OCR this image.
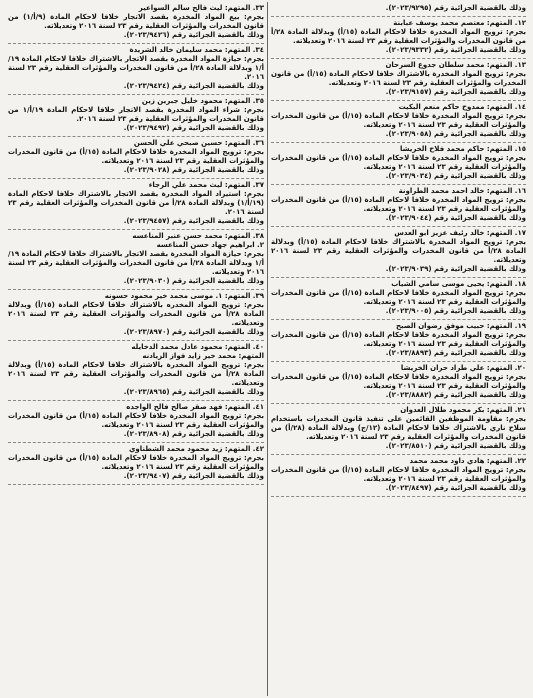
وذلك بالقضية الجزائية رقم (٢٠٢٣/٩٢٩٥).
١٢. المتهم: معتصم محمد يوسف عبابنة
بجرم: ترويج المواد المخدرة خلافا لاحكام المادة (١٥/أ) وبدلالة المادة ٢٨/أ من قانون المخدرات والمؤثرات العقلية رقم ٢٣ لسنة ٢٠١٦ وتعديلاته.
وذلك بالقضية الجزائية رقم (٢٠٢٣/٩٣٣٢).
١٣. المتهم: محمد سلطان جدوع السرحان
بجرم: ترويج المواد المخدرة بالاشتراك خلافا لاحكام المادة (١٥/أ) من قانون المخدرات والمؤثرات العقلية رقم ٢٣ لسنة ٢٠١٦ وتعديلاته.
وذلك بالقضية الجزائية رقم (٢٠٢٣/٩١٥٧).
١٤. المتهم: ممدوح حاكم منعم البكيت
بجرم: ترويج المواد المخدرة خلافا لاحكام المادة (١٥/أ) من قانون المخدرات والمؤثرات العقلية رقم ٢٣ لسنة ٢٠١٦ وتعديلاته.
وذلك بالقضية الجزائية رقم (٢٠٢٣/٩٠٥٨).
١٥. المتهم: حاكم محمد فلاح الخريشا
بجرم: ترويج المواد المخدرة خلافا لاحكام المادة (١٥/أ) من قانون المخدرات والمؤثرات العقلية رقم ٢٣ لسنة ٢٠١٦ وتعديلاته.
وذلك بالقضية الجزائية رقم (٢٠٢٣/٩٠٣٤).
١٦. المتهم: خالد احمد محمد الطراونة
بجرم: ترويج المواد المخدرة خلافا لاحكام المادة (١٥/أ) من قانون المخدرات والمؤثرات العقلية رقم ٢٣ لسنة ٢٠١٦ وتعديلاته.
وذلك بالقضية الجزائية رقم (٢٠٢٣/٩٠٤٤).
١٧. المتهم: خالد رئيف عزيز ابو العدس
بجرم: ترويج المواد المخدرة بالاشتراك خلافا لاحكام المادة (١٥/أ) وبدلالة المادة ٢٨/أ من قانون المخدرات والمؤثرات العقلية رقم ٢٣ لسنة ٢٠١٦ وتعديلاته.
وذلك بالقضية الجزائية رقم (٢٠٢٣/٩٠٣٩).
١٨. المتهم: يحيى موسى سامي الشياب
بجرم: ترويج المواد المخدرة خلافا لاحكام المادة (١٥/أ) من قانون المخدرات والمؤثرات العقلية رقم ٢٣ لسنة ٢٠١٦ وتعديلاته.
وذلك بالقضية الجزائية رقم (٢٠٢٣/٩٠٠٥).
١٩. المتهم: حبيب موفق رضوان الصبح
بجرم: ترويج المواد المخدرة خلافا لاحكام المادة (١٥/أ) من قانون المخدرات والمؤثرات العقلية رقم ٢٣ لسنة ٢٠١٦ وتعديلاته.
وذلك بالقضية الجزائية رقم (٢٠٢٣/٨٨٩٣).
٢٠. المتهم: علي طراد حران الخريشا
بجرم: ترويج المواد المخدرة خلافا لاحكام المادة (١٥/أ) من قانون المخدرات والمؤثرات العقلية رقم ٢٣ لسنة ٢٠١٦ وتعديلاته.
وذلك بالقضية الجزائية رقم (٢٠٢٣/٨٨٨٢).
٢١. المتهم: بكر محمود طلال العدوان
بجرم: مقاومة الموظفين القائمين على تنفيذ قانون المخدرات باستخدام سلاح ناري بالاشتراك خلافا لاحكام المادة (١٢/ج) وبدلالة المادة (٢٨/أ) من قانون المخدرات والمؤثرات العقلية رقم ٢٣ لسنة ٢٠١٦ وتعديلاته.
وذلك بالقضية الجزائية رقم (٢٠٢٣/٨٥١٠).
٢٢. المتهم: هادي داود محمد محمد
بجرم: ترويج المواد المخدرة خلافا لاحكام المادة (١٥/أ) من قانون المخدرات والمؤثرات العقلية رقم ٢٣ لسنة ٢٠١٦ وتعديلاته.
وذلك بالقضية الجزائية رقم (٢٠٢٣/٨٤٩٧).
٣٣. المتهم: ليث فالح سالم السواعير
بجرم: بيع المواد المخدرة بقصد الاتجار خلافا لاحكام المادة (٩/أ/١) من قانون المخدرات والمؤثرات العقلية رقم ٢٣ لسنة ٢٠١٦ وتعديلاته.
وذلك بالقضية الجزائية رقم (٢٠٢٣/٩٤٢٦).
٣٤. المتهم: محمد سليمان خالد الشريدة
بجرم: حيازة المواد المخدرة بقصد الاتجار بالاشتراك خلافا لاحكام المادة ١٩/أ/١ وبدلالة المادة ٢٨/أ من قانون المخدرات والمؤثرات العقلية رقم ٢٣ لسنة ٢٠١٦.
وذلك بالقضية الجزائية رقم (٢٠٢٣/٩٤٢٤).
٣٥. المتهم: محمود خليل جبرين زبن
بجرم: شراء المواد المخدرة بقصد الاتجار خلافا لاحكام المادة ١٩/أ/١ من قانون المخدرات والمؤثرات العقلية رقم ٢٣ لسنة ٢٠١٦.
وذلك بالقضية الجزائية رقم (٢٠٢٣/٩٤٩٢).
٣٦. المتهم: حسين صبحي علي الحسن
بجرم: ترويج المواد المخدرة خلافا لاحكام المادة (١٥/أ) من قانون المخدرات والمؤثرات العقلية رقم ٢٣ لسنة ٢٠١٦ وتعديلاته.
وذلك بالقضية الجزائية رقم (٢٠٢٣/٩٠٢٨).
٣٧. المتهم: ليث محمد علي الرجاء
بجرم: استيراد المواد المخدرة بقصد الاتجار بالاشتراك خلافا لاحكام المادة (١٩/أ/١) وبدلالة المادة ٢٨/أ من قانون المخدرات والمؤثرات العقلية رقم ٢٣ لسنة ٢٠١٦.
وذلك بالقضية الجزائية رقم (٢٠٢٣/٩٤٥٧).
٣٨. المتهم: محمد حسن عنبر المناعسه
٢. ابراهيم جهاد حسن المناعسه
بجرم: حيازة المواد المخدرة بقصد الاتجار بالاشتراك خلافا لاحكام المادة ١٩/أ/١ وبدلالة المادة ٢٨/أ من قانون المخدرات والمؤثرات العقلية رقم ٢٣ لسنة ٢٠١٦ وتعديلاته.
وذلك بالقضية الجزائية رقم (٢٠٢٣/٩٠٣٠).
٣٩. المتهم: ١. موسى محمد خير محمود حسونه
بجرم: ترويج المواد المخدره بالاشتراك خلافا لاحكام المادة (١٥/أ) وبدلالة المادة ٢٨/أ من قانون المخدرات والمؤثرات العقلية رقم ٢٣ لسنة ٢٠١٦ وتعديلاته.
وذلك بالقضية الجزائية رقم (٢٠٢٣/٨٩٧٠).
٤٠. المتهم: محمود عادل محمد الدخايله
المتهم: محمد خير زايد فواز الزيادنه
بجرم: ترويج المواد المخدرة بالاشتراك خلافا لاحكام المادة (١٥/أ) وبدلالة المادة ٢٨/أ من قانون المخدرات والمؤثرات العقلية رقم ٢٣ لسنة ٢٠١٦ وتعديلاته.
وذلك بالقضية الجزائية رقم (٢٠٢٣/٨٩٦٥).
٤١. المتهم: فهد صقر صالح فالح الواجده
بجرم: ترويج المواد المخدرة خلافا لاحكام المادة (١٥/أ) من قانون المخدرات والمؤثرات العقلية رقم ٢٣ لسنة ٢٠١٦ وتعديلاته.
وذلك بالقضية الجزائية رقم (٢٠٢٣/٨٩٠٨).
٤٢. المتهم: زيد محمود محمد الشطناوي
بجرم: ترويج المواد المخدرة خلافا لاحكام المادة (١٥/أ) من قانون المخدرات والمؤثرات العقلية رقم ٢٣ لسنة ٢٠١٦ وتعديلاته.
وذلك بالقضية الجزائية رقم (٢٠٢٣/٩٤٠٧).
